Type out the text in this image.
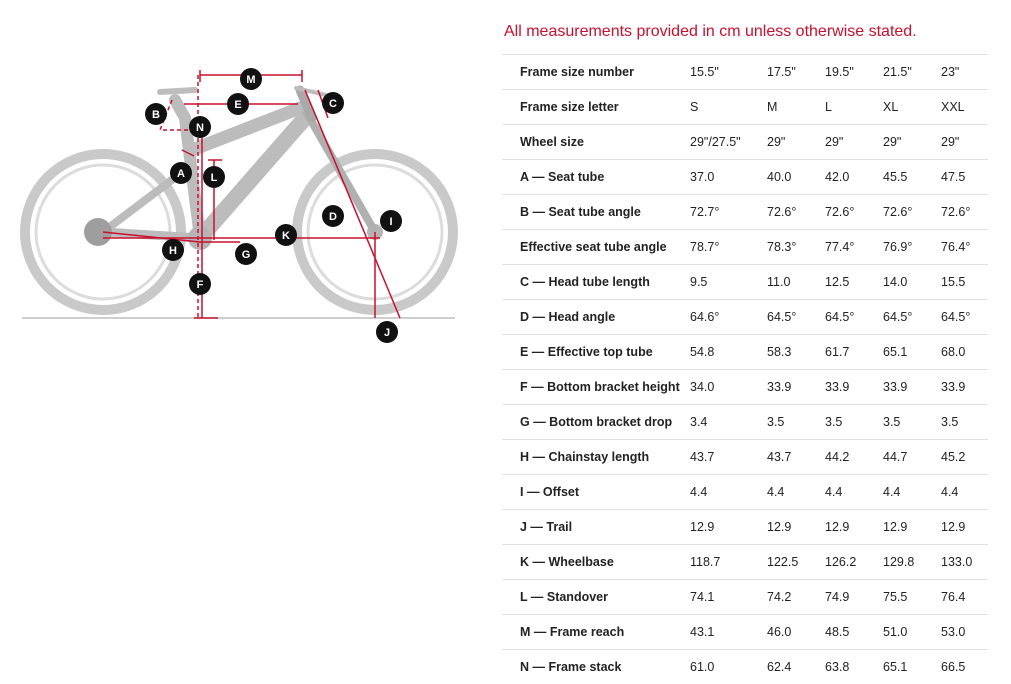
A
B
C
D
E
F
G
H
I
J
K
L
M
N

All measurements provided in cm unless otherwise stated.

Frame size number	15.5"	17.5"	19.5"	21.5"	23"
Frame size letter	S	M	L	XL	XXL
Wheel size	29"/27.5"	29"	29"	29"	29"
A — Seat tube	37.0	40.0	42.0	45.5	47.5
B — Seat tube angle	72.7°	72.6°	72.6°	72.6°	72.6°
Effective seat tube angle	78.7°	78.3°	77.4°	76.9°	76.4°
C — Head tube length	9.5	11.0	12.5	14.0	15.5
D — Head angle	64.6°	64.5°	64.5°	64.5°	64.5°
E — Effective top tube	54.8	58.3	61.7	65.1	68.0
F — Bottom bracket height	34.0	33.9	33.9	33.9	33.9
G — Bottom bracket drop	3.4	3.5	3.5	3.5	3.5
H — Chainstay length	43.7	43.7	44.2	44.7	45.2
I — Offset	4.4	4.4	4.4	4.4	4.4
J — Trail	12.9	12.9	12.9	12.9	12.9
K — Wheelbase	118.7	122.5	126.2	129.8	133.0
L — Standover	74.1	74.2	74.9	75.5	76.4
M — Frame reach	43.1	46.0	48.5	51.0	53.0
N — Frame stack	61.0	62.4	63.8	65.1	66.5
